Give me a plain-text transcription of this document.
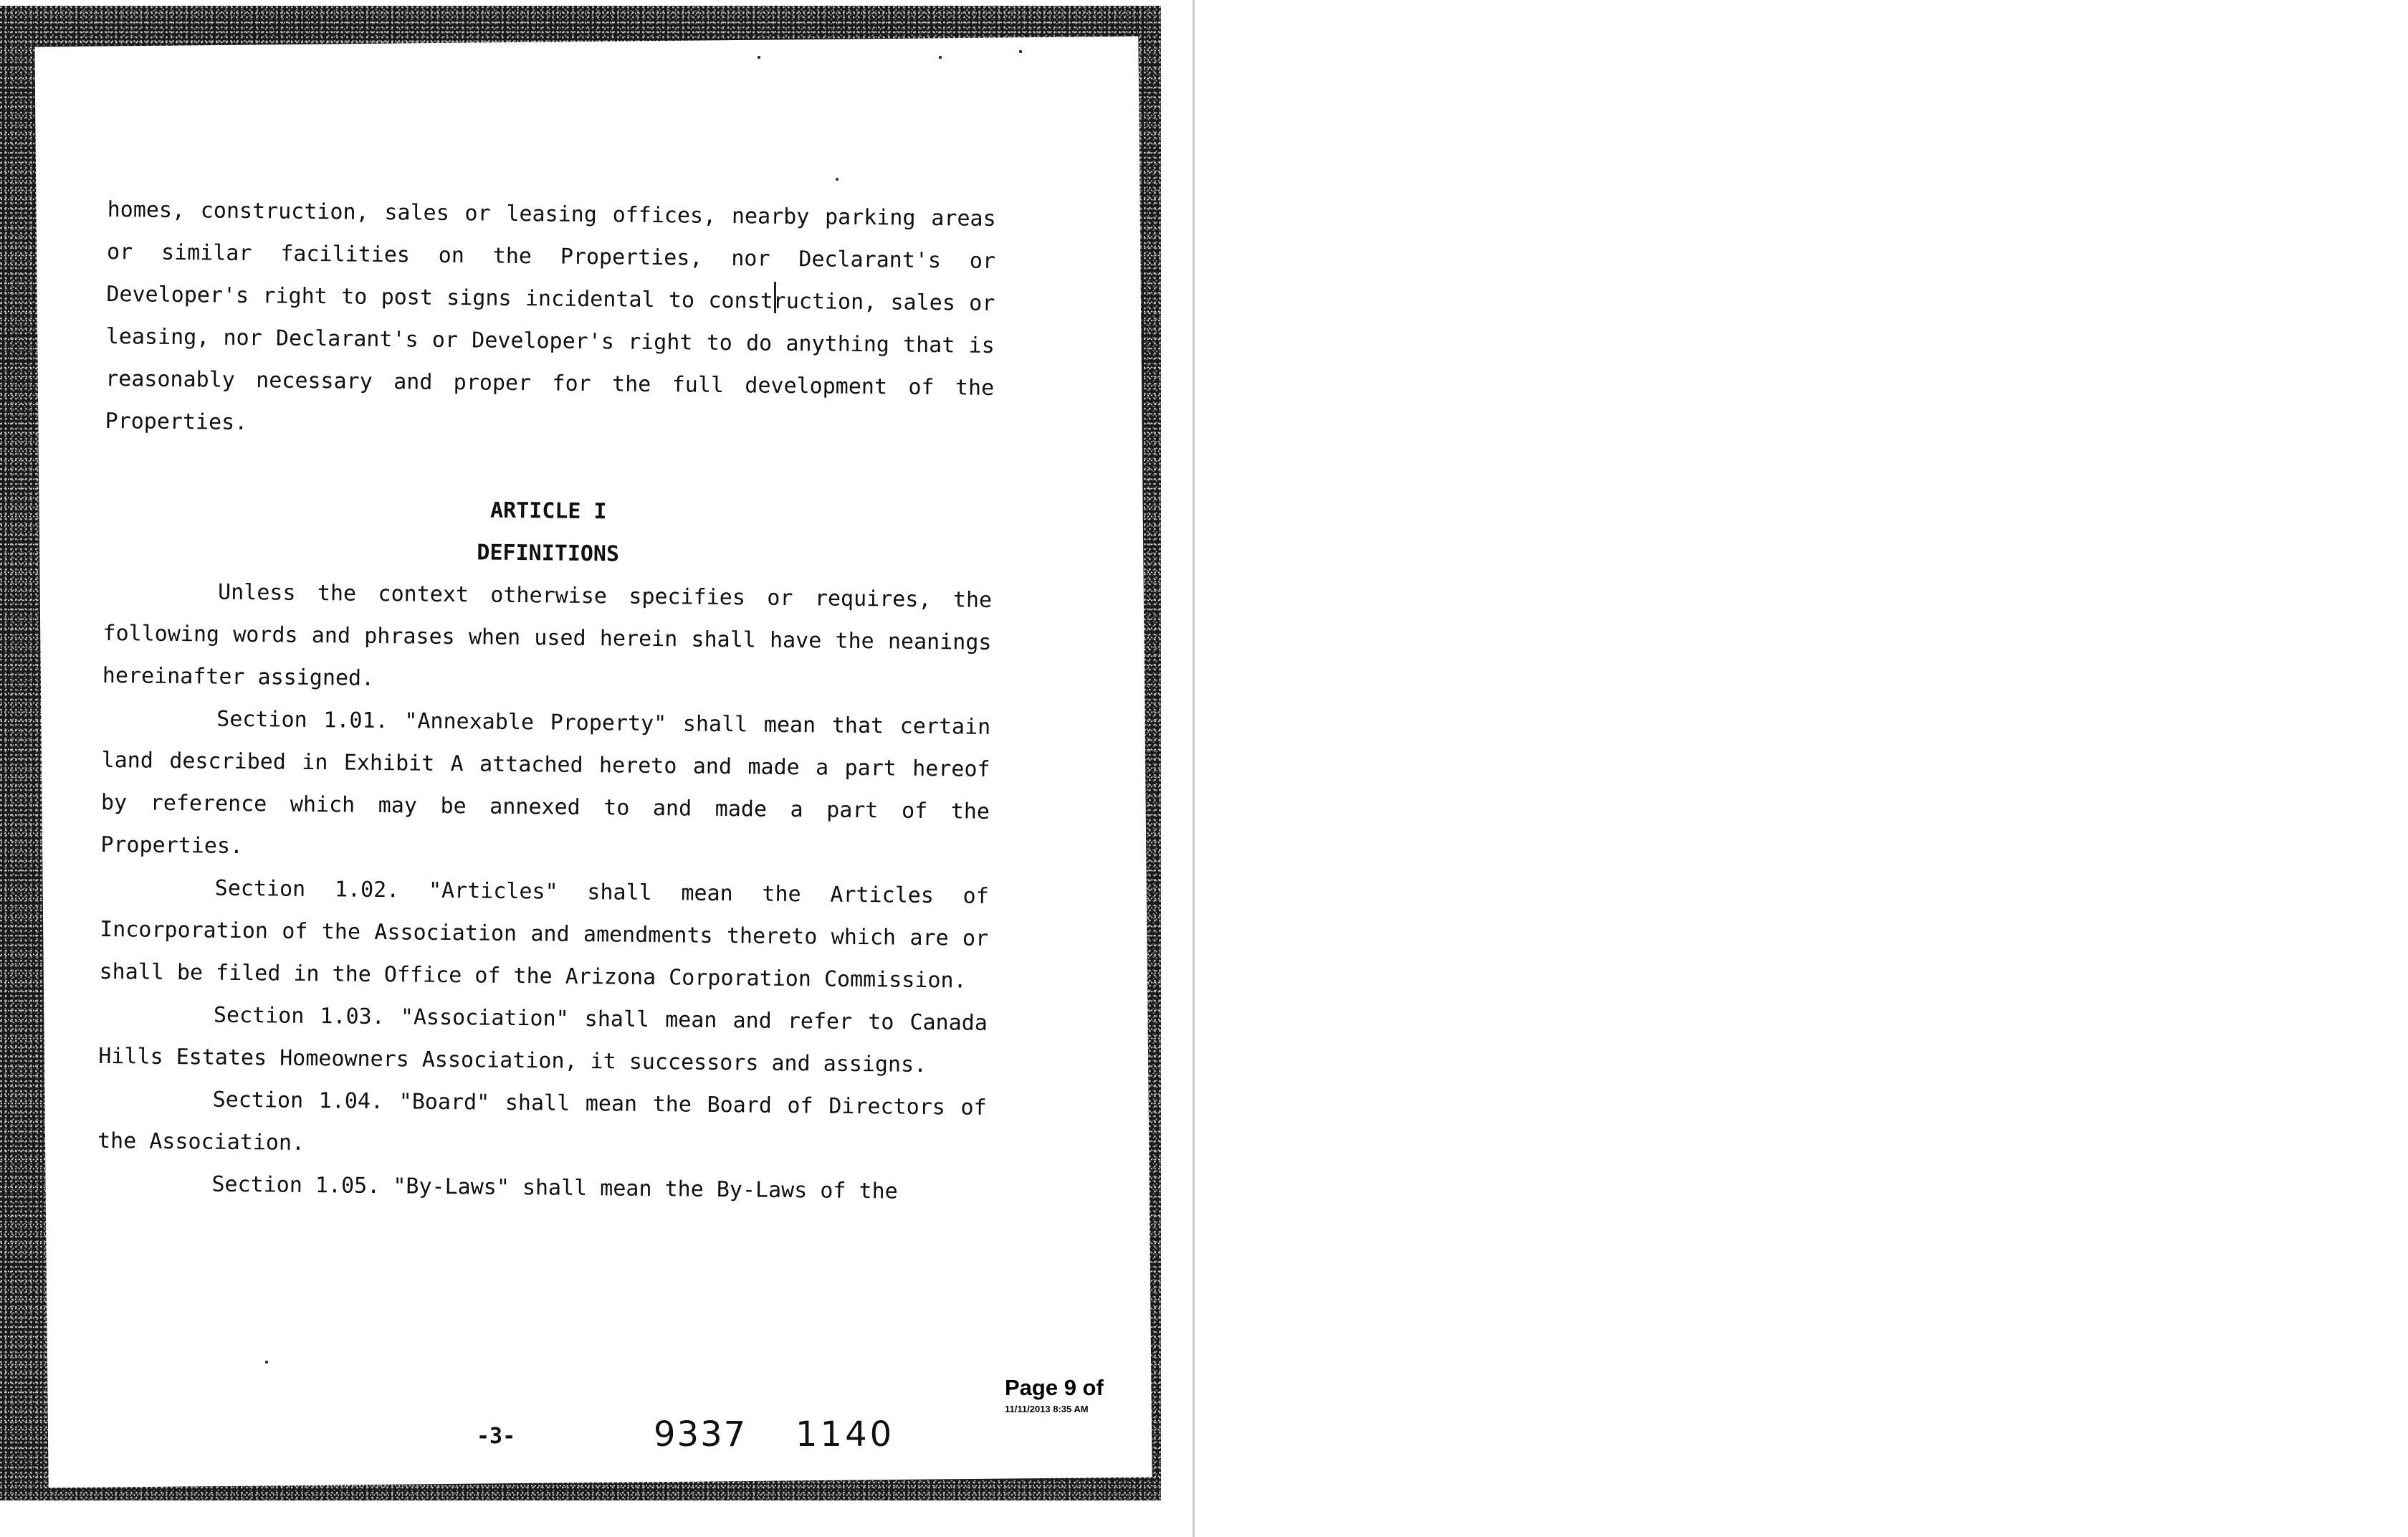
homes, construction, sales or leasing offices, nearby parking areas or similar facilities on the Properties, nor Declarant's or Developer's right to post signs incidental to construction, sales or leasing, nor Declarant's or Developer's right to do anything that is reasonably necessary and proper for the full development of the Properties.

ARTICLE I

DEFINITIONS

Unless the context otherwise specifies or requires, the following words and phrases when used herein shall have the neanings hereinafter assigned.

Section 1.01. "Annexable Property" shall mean that certain land described in Exhibit A attached hereto and made a part hereof by reference which may be annexed to and made a part of the Properties.

Section 1.02. "Articles" shall mean the Articles of Incorporation of the Association and amendments thereto which are or shall be filed in the Office of the Arizona Corporation Commission.

Section 1.03. "Association" shall mean and refer to Canada Hills Estates Homeowners Association, it successors and assigns.

Section 1.04. "Board" shall mean the Board of Directors of the Association.

Section 1.05. "By-Laws" shall mean the By-Laws of the

Page 9 of
11/11/2013 8:35 AM
-3-	9337 1140
